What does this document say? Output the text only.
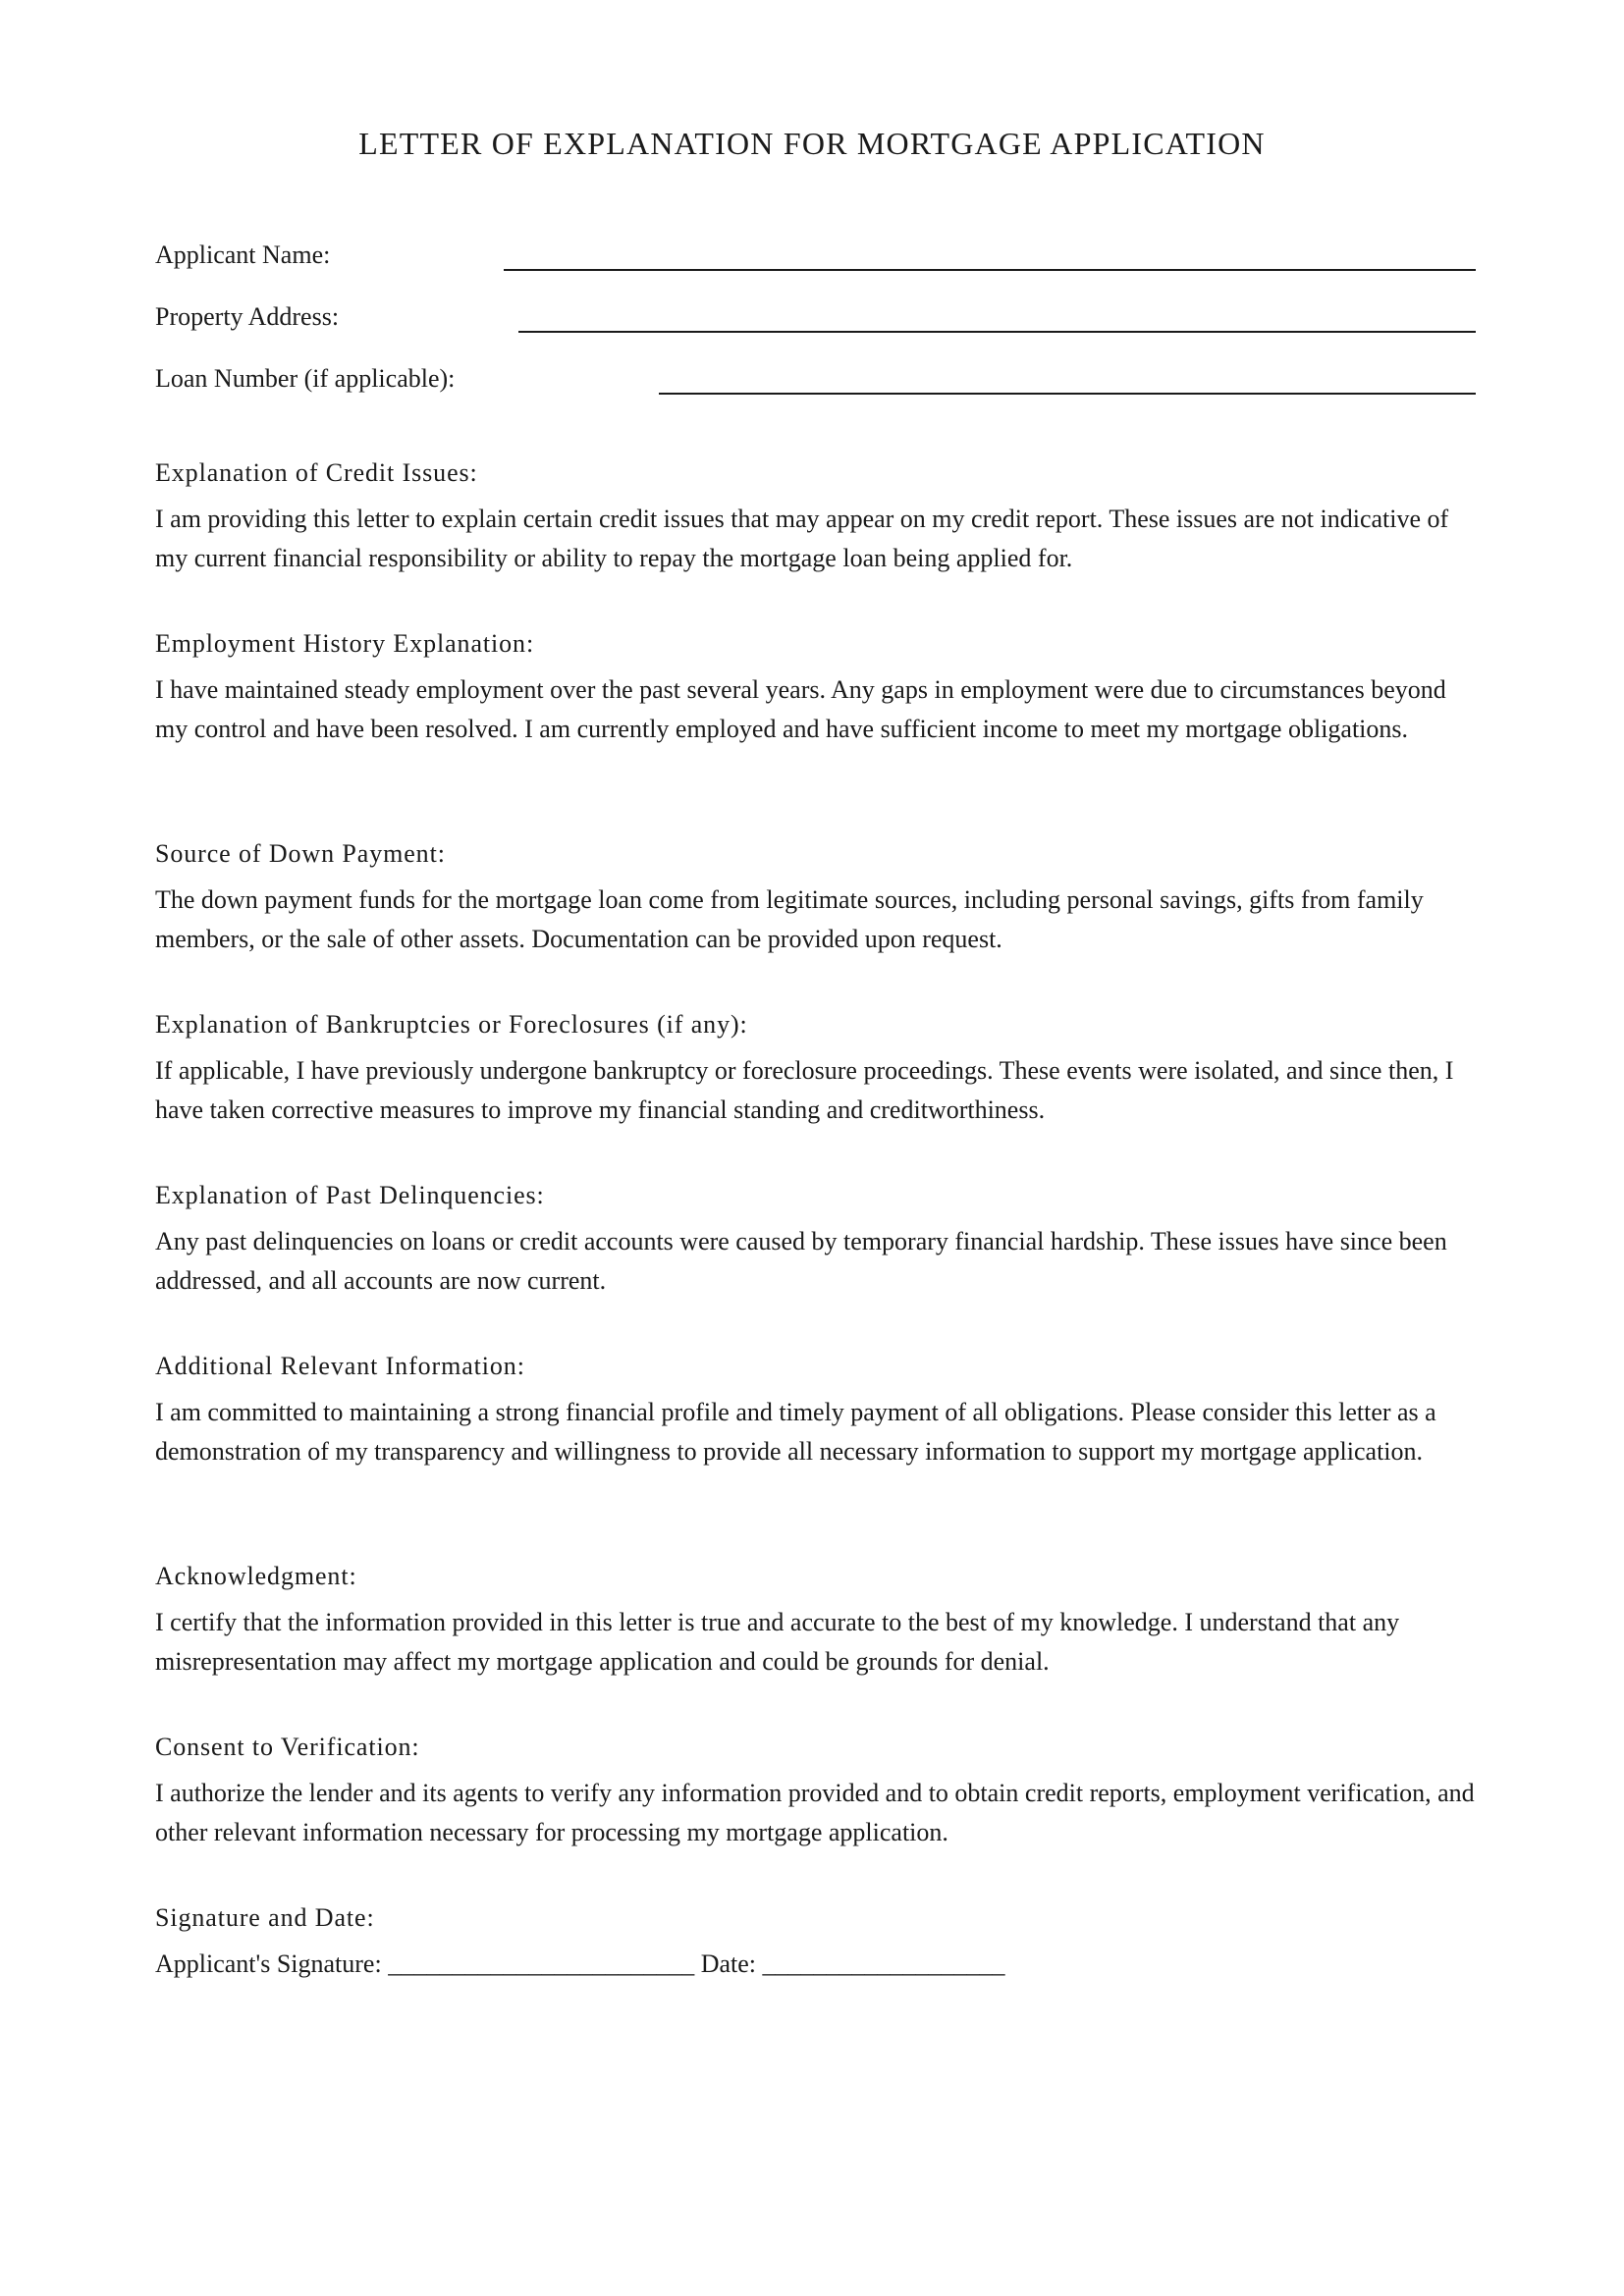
LETTER OF EXPLANATION FOR MORTGAGE APPLICATION
Applicant Name:
Property Address:
Loan Number (if applicable):

Explanation of Credit Issues:

I am providing this letter to explain certain credit issues that may appear on my credit report. These issues are not indicative of my current financial responsibility or ability to repay the mortgage loan being applied for.

Employment History Explanation:

I have maintained steady employment over the past several years. Any gaps in employment were due to circumstances beyond my control and have been resolved. I am currently employed and have sufficient income to meet my mortgage obligations.

Source of Down Payment:

The down payment funds for the mortgage loan come from legitimate sources, including personal savings, gifts from family members, or the sale of other assets. Documentation can be provided upon request.

Explanation of Bankruptcies or Foreclosures (if any):

If applicable, I have previously undergone bankruptcy or foreclosure proceedings. These events were isolated, and since then, I have taken corrective measures to improve my financial standing and creditworthiness.

Explanation of Past Delinquencies:

Any past delinquencies on loans or credit accounts were caused by temporary financial hardship. These issues have since been addressed, and all accounts are now current.

Additional Relevant Information:

I am committed to maintaining a strong financial profile and timely payment of all obligations. Please consider this letter as a demonstration of my transparency and willingness to provide all necessary information to support my mortgage application.

Acknowledgment:

I certify that the information provided in this letter is true and accurate to the best of my knowledge. I understand that any misrepresentation may affect my mortgage application and could be grounds for denial.

Consent to Verification:

I authorize the lender and its agents to verify any information provided and to obtain credit reports, employment verification, and other relevant information necessary for processing my mortgage application.

Signature and Date:

Applicant's Signature: ________________________ Date: ___________________
